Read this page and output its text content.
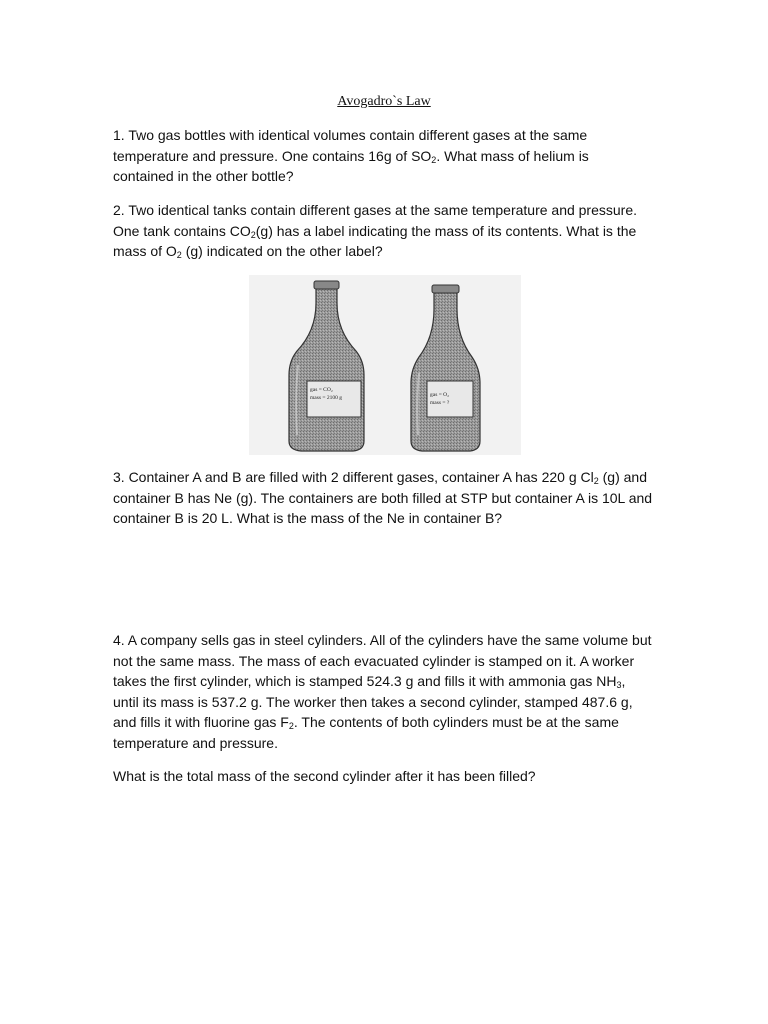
Avogadro`s Law

1. Two gas bottles with identical volumes contain different gases at the same temperature and pressure. One contains 16g of $SO_2$. What mass of helium is contained in the other bottle?

2. Two identical tanks contain different gases at the same temperature and pressure. One tank contains $CO_2(g)$ has a label indicating the mass of its contents. What is the mass of $O_2$ (g) indicated on the other label?

gas = CO₂
mass = 2100 g	gas = O₂
mass = ?

3. Container A and B are filled with 2 different gases, container A has 220 g $Cl_2$ (g) and container B has Ne (g). The containers are both filled at STP but container A is 10L and container B is 20 L. What is the mass of the Ne in container B?

4. A company sells gas in steel cylinders. All of the cylinders have the same volume but not the same mass. The mass of each evacuated cylinder is stamped on it. A worker takes the first cylinder, which is stamped 524.3 g and fills it with ammonia gas $NH_3$, until its mass is 537.2 g. The worker then takes a second cylinder, stamped 487.6 g, and fills it with fluorine gas $F_2$. The contents of both cylinders must be at the same temperature and pressure.

What is the total mass of the second cylinder after it has been filled?
